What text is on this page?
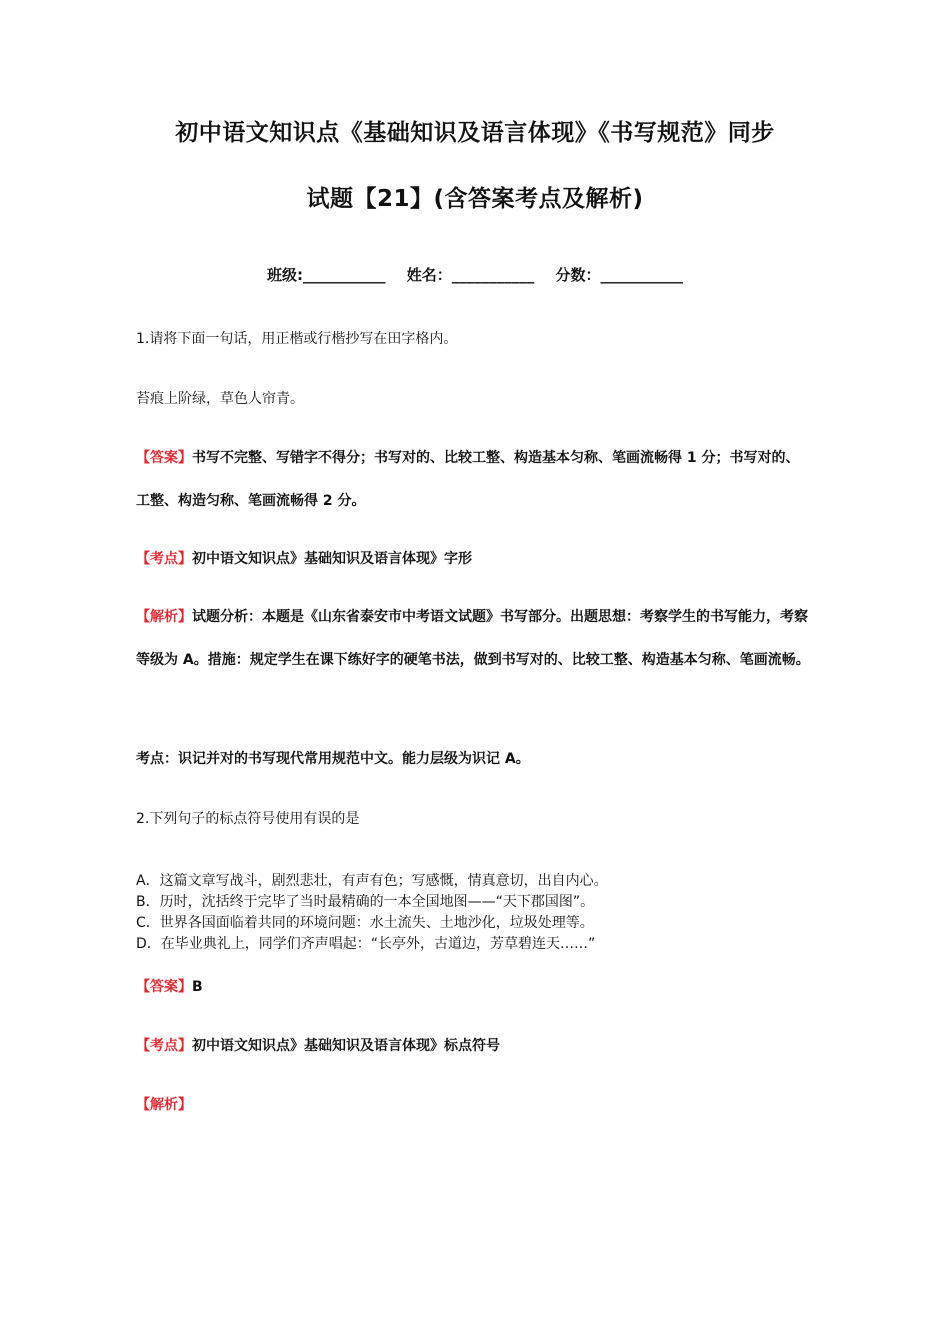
初中语文知识点《基础知识及语言体现》《书写规范》同步
试题【21】(含答案考点及解析)
班级:___________ 姓名：___________ 分数：___________
1.请将下面一句话，用正楷或行楷抄写在田字格内。
苔痕上阶绿，草色人帘青。
【答案】书写不完整、写错字不得分；书写对的、比较工整、构造基本匀称、笔画流畅得 1 分；书写对的、工整、构造匀称、笔画流畅得 2 分。
【考点】初中语文知识点》基础知识及语言体现》字形
【解析】试题分析：本题是《山东省泰安市中考语文试题》书写部分。出题思想：考察学生的书写能力，考察等级为 A。措施：规定学生在课下练好字的硬笔书法，做到书写对的、比较工整、构造基本匀称、笔画流畅。
考点：识记并对的书写现代常用规范中文。能力层级为识记 A。
2.下列句子的标点符号使用有误的是
A．这篇文章写战斗，剧烈悲壮，有声有色；写感慨，情真意切，出自内心。
B．历时，沈括终于完毕了当时最精确的一本全国地图——“天下郡国图”。
C．世界各国面临着共同的环境问题：水土流失、土地沙化，垃圾处理等。
D．在毕业典礼上，同学们齐声唱起：“长亭外，古道边，芳草碧连天……”
【答案】B
【考点】初中语文知识点》基础知识及语言体现》标点符号
【解析】
